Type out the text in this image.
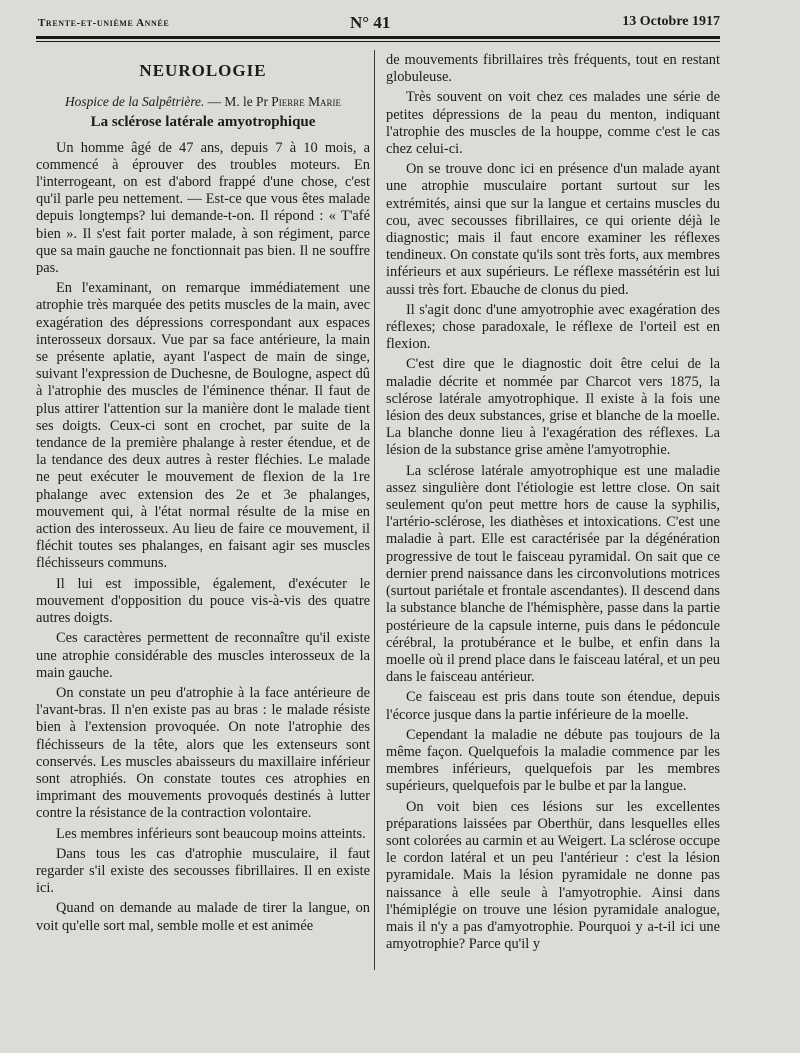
Trente-et-unième Année	N° 41	13 Octobre 1917
NEUROLOGIE
Hospice de la Salpêtrière. — M. le Pr Pierre Marie
La sclérose latérale amyotrophique

Un homme âgé de 47 ans, depuis 7 à 10 mois, a commencé à éprouver des troubles moteurs. En l'interrogeant, on est d'abord frappé d'une chose, c'est qu'il parle peu nettement. — Est-ce que vous êtes malade depuis longtemps? lui demande-t-on. Il répond : « T'afé bien ». Il s'est fait porter malade, à son régiment, parce que sa main gauche ne fonctionnait pas bien. Il ne souffre pas.

En l'examinant, on remarque immédiatement une atrophie très marquée des petits muscles de la main, avec exagération des dépressions correspondant aux espaces interosseux dorsaux. Vue par sa face antérieure, la main se présente aplatie, ayant l'aspect de main de singe, suivant l'expression de Duchesne, de Boulogne, aspect dû à l'atrophie des muscles de l'éminence thénar. Il faut de plus attirer l'attention sur la manière dont le malade tient ses doigts. Ceux-ci sont en crochet, par suite de la tendance de la première phalange à rester étendue, et de la tendance des deux autres à rester fléchies. Le malade ne peut exécuter le mouvement de flexion de la 1re phalange avec extension des 2e et 3e phalanges, mouvement qui, à l'état normal résulte de la mise en action des interosseux. Au lieu de faire ce mouvement, il fléchit toutes ses phalanges, en faisant agir ses muscles fléchisseurs communs.

Il lui est impossible, également, d'exécuter le mouvement d'opposition du pouce vis-à-vis des quatre autres doigts.

Ces caractères permettent de reconnaître qu'il existe une atrophie considérable des muscles interosseux de la main gauche.

On constate un peu d'atrophie à la face antérieure de l'avant-bras. Il n'en existe pas au bras : le malade résiste bien à l'extension provoquée. On note l'atrophie des fléchisseurs de la tête, alors que les extenseurs sont conservés. Les muscles abaisseurs du maxillaire inférieur sont atrophiés. On constate toutes ces atrophies en imprimant des mouvements provoqués destinés à lutter contre la résistance de la contraction volontaire.

Les membres inférieurs sont beaucoup moins atteints.

Dans tous les cas d'atrophie musculaire, il faut regarder s'il existe des secousses fibrillaires. Il en existe ici.

Quand on demande au malade de tirer la langue, on voit qu'elle sort mal, semble molle et est animée

de mouvements fibrillaires très fréquents, tout en restant globuleuse.

Très souvent on voit chez ces malades une série de petites dépressions de la peau du menton, indiquant l'atrophie des muscles de la houppe, comme c'est le cas chez celui-ci.

On se trouve donc ici en présence d'un malade ayant une atrophie musculaire portant surtout sur les extrémités, ainsi que sur la langue et certains muscles du cou, avec secousses fibrillaires, ce qui oriente déjà le diagnostic; mais il faut encore examiner les réflexes tendineux. On constate qu'ils sont très forts, aux membres inférieurs et aux supérieurs. Le réflexe massétérin est lui aussi très fort. Ebauche de clonus du pied.

Il s'agit donc d'une amyotrophie avec exagération des réflexes; chose paradoxale, le réflexe de l'orteil est en flexion.

C'est dire que le diagnostic doit être celui de la maladie décrite et nommée par Charcot vers 1875, la sclérose latérale amyotrophique. Il existe à la fois une lésion des deux substances, grise et blanche de la moelle. La blanche donne lieu à l'exagération des réflexes. La lésion de la substance grise amène l'amyotrophie.

La sclérose latérale amyotrophique est une maladie assez singulière dont l'étiologie est lettre close. On sait seulement qu'on peut mettre hors de cause la syphilis, l'artério-sclérose, les diathèses et intoxications. C'est une maladie à part. Elle est caractérisée par la dégénération progressive de tout le faisceau pyramidal. On sait que ce dernier prend naissance dans les circonvolutions motrices (surtout pariétale et frontale ascendantes). Il descend dans la substance blanche de l'hémisphère, passe dans la partie postérieure de la capsule interne, puis dans le pédoncule cérébral, la protubérance et le bulbe, et enfin dans la moelle où il prend place dans le faisceau latéral, et un peu dans le faisceau antérieur.

Ce faisceau est pris dans toute son étendue, depuis l'écorce jusque dans la partie inférieure de la moelle.

Cependant la maladie ne débute pas toujours de la même façon. Quelquefois la maladie commence par les membres inférieurs, quelquefois par les membres supérieurs, quelquefois par le bulbe et par la langue.

On voit bien ces lésions sur les excellentes préparations laissées par Oberthür, dans lesquelles elles sont colorées au carmin et au Weigert. La sclérose occupe le cordon latéral et un peu l'antérieur : c'est la lésion pyramidale. Mais la lésion pyramidale ne donne pas naissance à elle seule à l'amyotrophie. Ainsi dans l'hémiplégie on trouve une lésion pyramidale analogue, mais il n'y a pas d'amyotrophie. Pourquoi y a-t-il ici une amyotrophie? Parce qu'il y
